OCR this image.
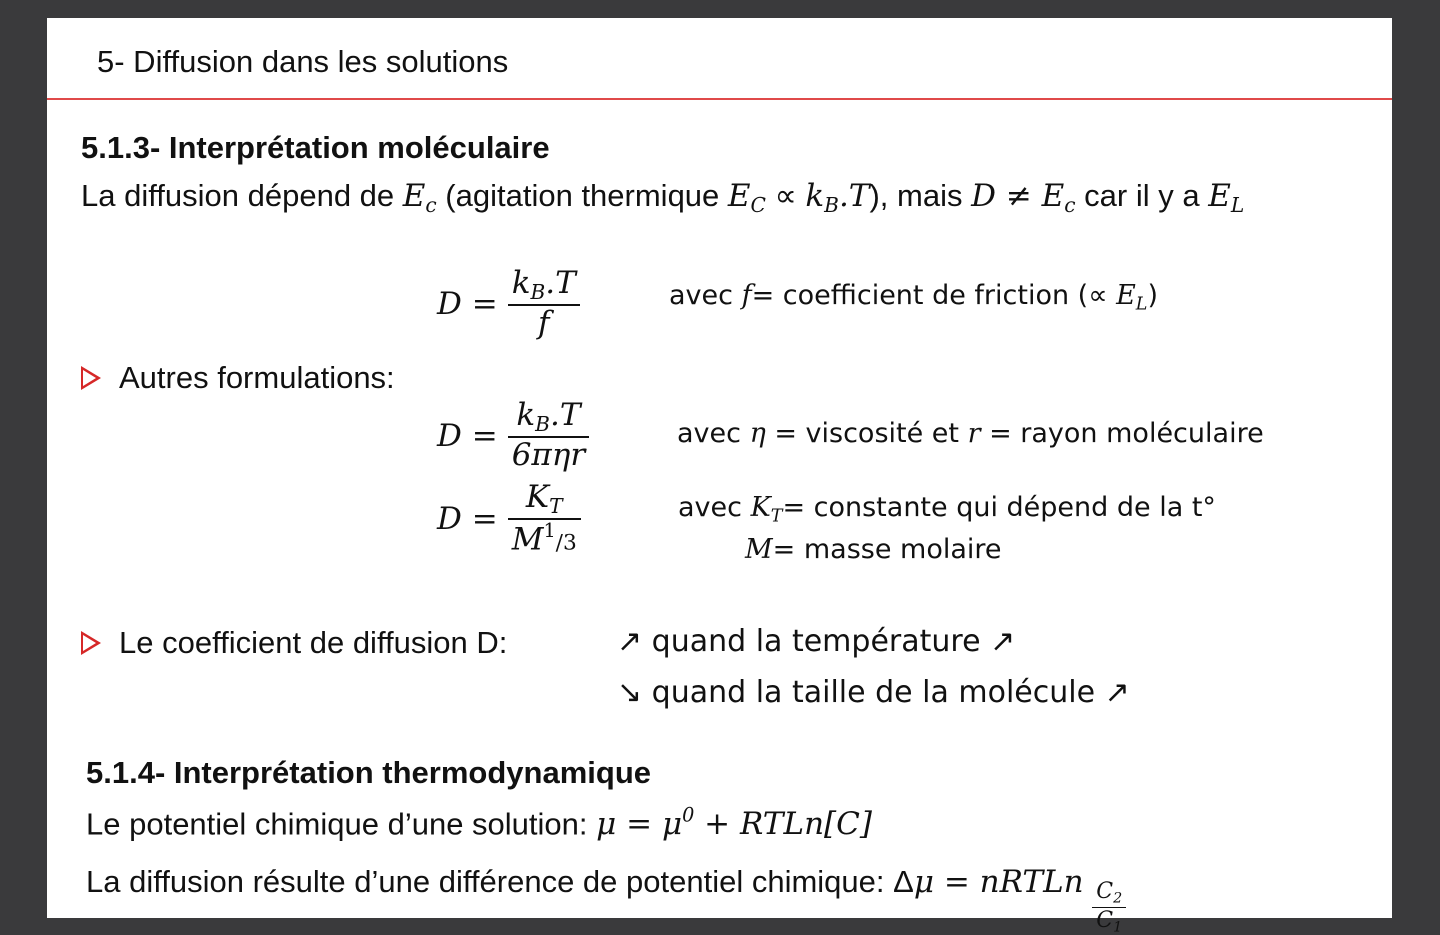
5- Diffusion dans les solutions
5.1.3- Interprétation moléculaire
La diffusion dépend de $E_c$ (agitation thermique $E_C \propto k_B.T$), mais $D \ne E_c$ car il y a $E_L$
$D = \frac{k_B.T}{f}$	avec f= coefficient de friction (∝ $E_L$)
Autres formulations:
$D = \frac{k_B.T}{\text{6πηr}}$	avec η = viscosité et r = rayon moléculaire
$D = \frac{K_T}{M^1/3}$	avec $K_T=$ constante qui dépend de la t°
M= masse molaire
Le coefficient de diffusion D:	↗ quand la température ↗
↘ quand la taille de la molécule ↗
5.1.4- Interprétation thermodynamique
Le potentiel chimique d’une solution: $\mu = \mu^0$ + RTLn[C]
La diffusion résulte d’une différence de potentiel chimique: Δμ = nRTLn $\frac{C_2}{C_1}$
